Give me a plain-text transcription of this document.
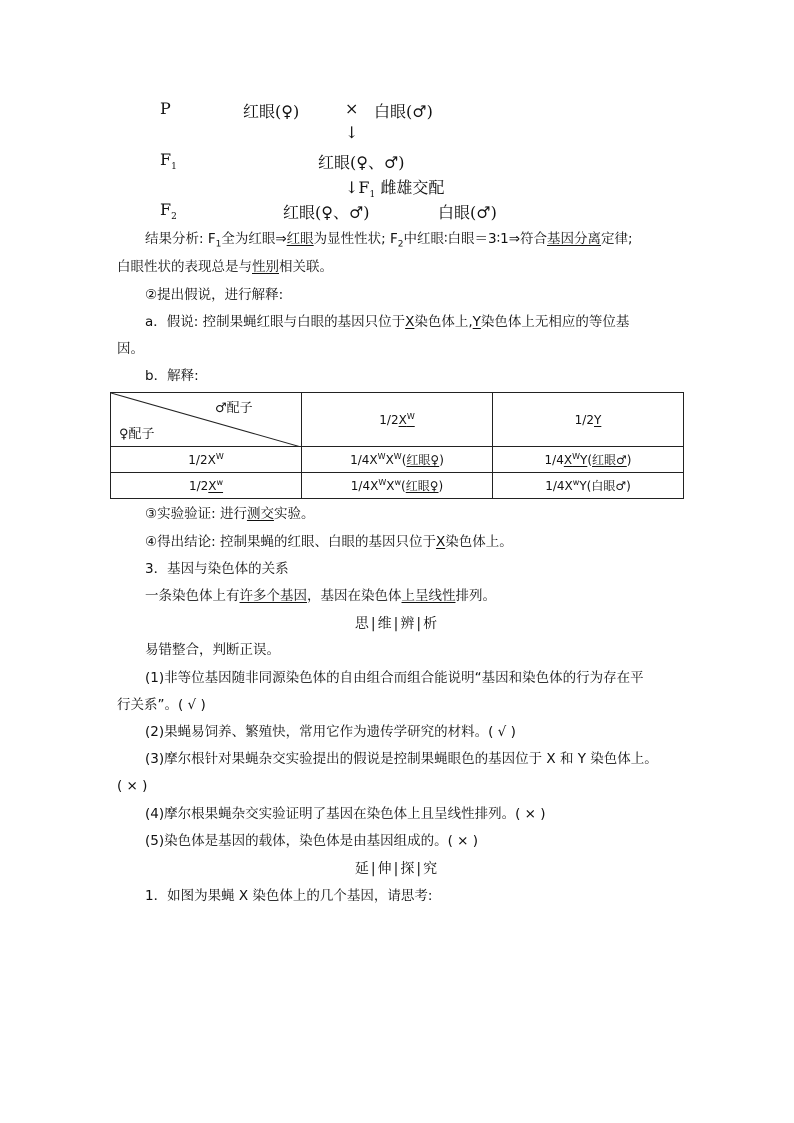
P	红眼(♀)	× 白眼(♂)
↓
$F_1$	红眼(♀、♂)
$↓F_1$ 雌雄交配
$F_2$	红眼(♀、♂)	白眼(♂)
结果分析: $F_1$全为红眼⇒红眼为显性性状; $F_2$中红眼∶白眼＝3∶1⇒符合基因分离定律;
白眼性状的表现总是与性别相关联。
②提出假说，进行解释:
a．假说: 控制果蝇红眼与白眼的基因只位于X染色体上,Y染色体上无相应的等位基
因。
b．解释:
♂配子
♀配子	$1/2X^W$	1/2Y
$1/2X^W$	$1/4X^WX^W$(红眼♀)	$1/4X^WY$(红眼♂)
$1/2X^w$	$1/4X^WX^w$(红眼♀)	$1/4X^wY$(白眼♂)
③实验验证: 进行测交实验。
④得出结论: 控制果蝇的红眼、白眼的基因只位于X染色体上。
3．基因与染色体的关系
一条染色体上有许多个基因，基因在染色体上呈线性排列。
思|维|辨|析
易错整合，判断正误。
(1)非等位基因随非同源染色体的自由组合而组合能说明“基因和染色体的行为存在平
行关系”。( √ )
(2)果蝇易饲养、繁殖快，常用它作为遗传学研究的材料。( √ )
(3)摩尔根针对果蝇杂交实验提出的假说是控制果蝇眼色的基因位于 X 和 Y 染色体上。
( × )
(4)摩尔根果蝇杂交实验证明了基因在染色体上且呈线性排列。( × )
(5)染色体是基因的载体，染色体是由基因组成的。( × )
延|伸|探|究
1．如图为果蝇 X 染色体上的几个基因，请思考:
